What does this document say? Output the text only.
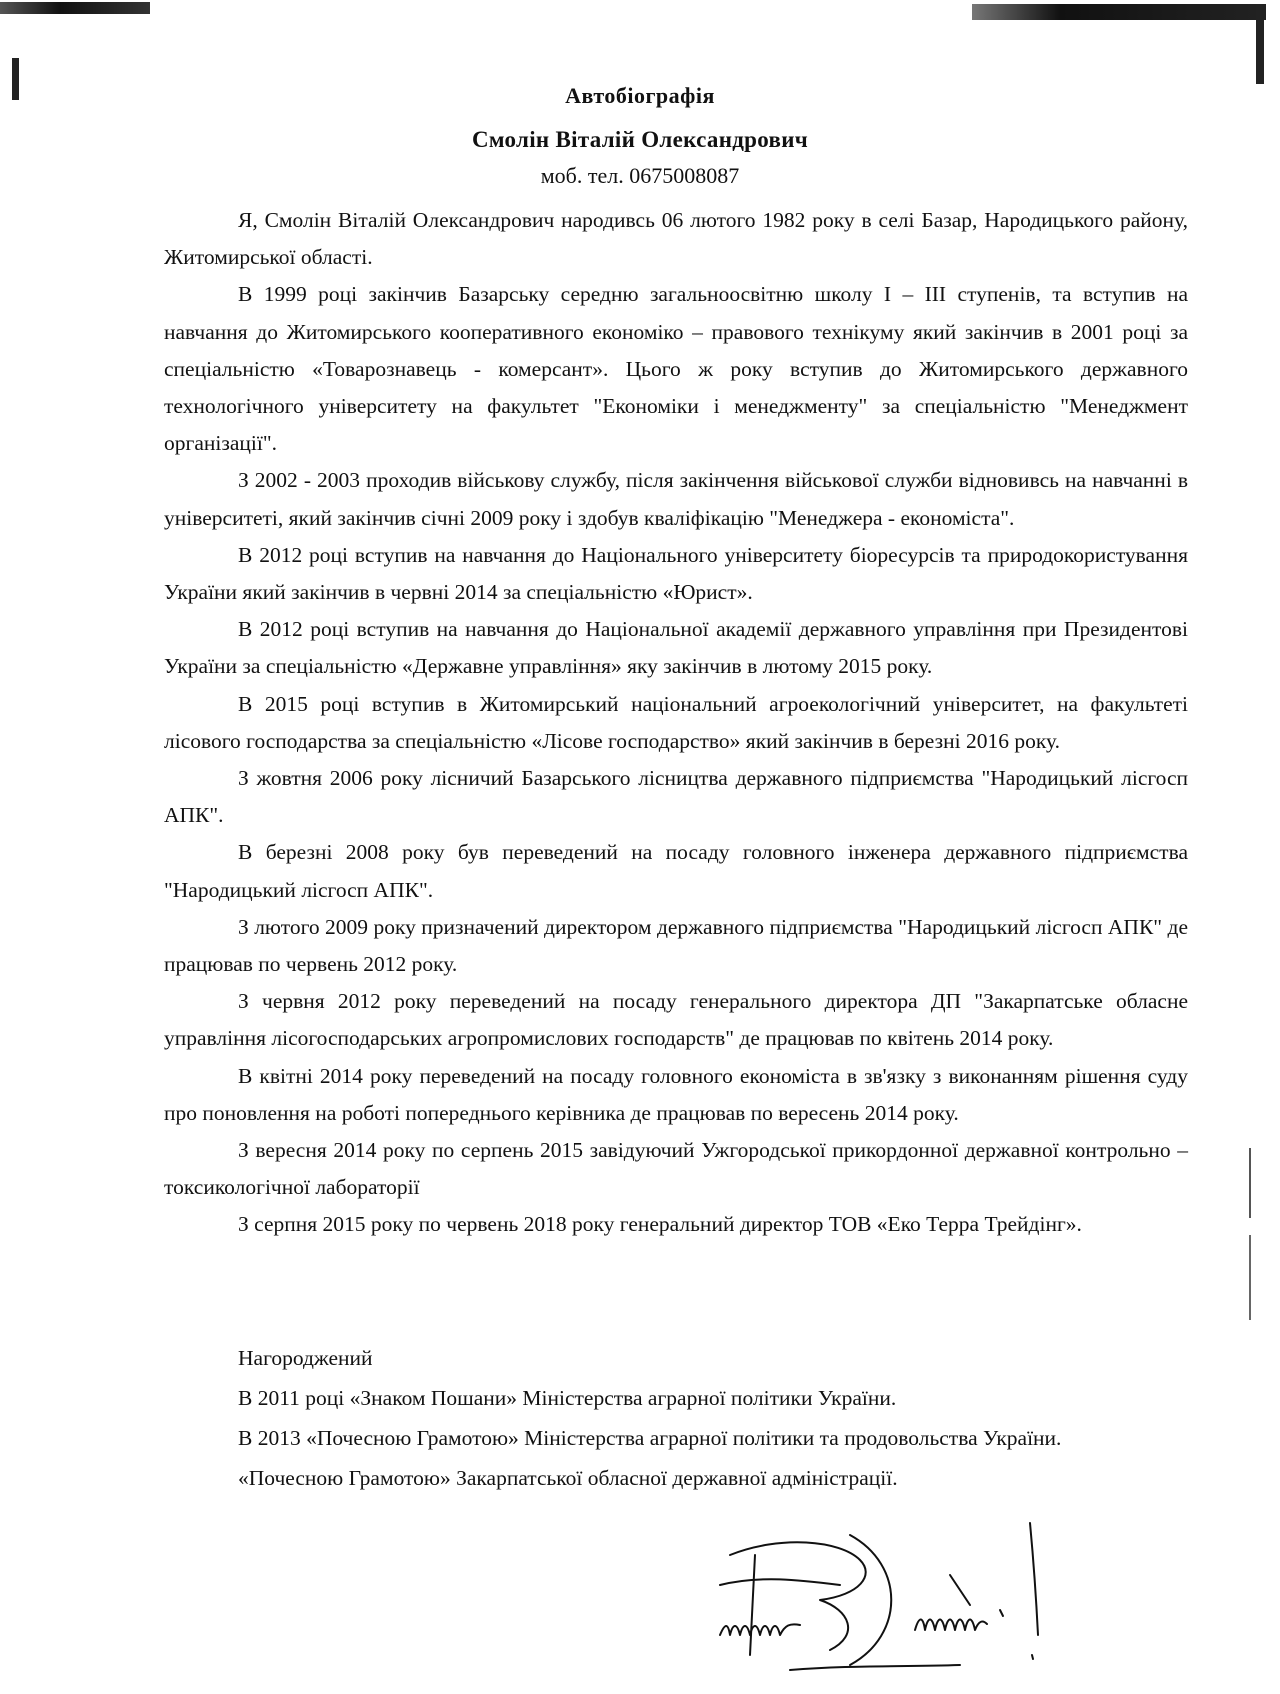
Автобіографія
Смолін Віталій Олександрович
моб. тел. 0675008087

Я, Смолін Віталій Олександрович народивсь 06 лютого 1982 року в селі Базар, Народицького району, Житомирської області.

В 1999 році закінчив Базарську середню загальноосвітню школу І – ІІІ ступенів, та вступив на навчання до Житомирського кооперативного економіко – правового технікуму який закінчив в 2001 році за спеціальністю «Товарознавець - комерсант». Цього ж року вступив до Житомирського державного технологічного університету на факультет "Економіки і менеджменту" за спеціальністю "Менеджмент організації".

З 2002 - 2003 проходив військову службу, після закінчення військової служби відновивсь на навчанні в університеті, який закінчив січні 2009 року і здобув кваліфікацію "Менеджера - економіста".

В 2012 році вступив на навчання до Національного університету біоресурсів та природокористування України який закінчив в червні 2014 за спеціальністю «Юрист».

В 2012 році вступив на навчання до Національної академії державного управління при Президентові України за спеціальністю «Державне управління» яку закінчив в лютому 2015 року.

В 2015 році вступив в Житомирський національний агроекологічний університет, на факультеті лісового господарства за спеціальністю «Лісове господарство» який закінчив в березні 2016 року.

З жовтня 2006 року лісничий Базарського лісництва державного підприємства "Народицький лісгосп АПК".

В березні 2008 року був переведений на посаду головного інженера державного підприємства "Народицький лісгосп АПК".

З лютого 2009 року призначений директором державного підприємства "Народицький лісгосп АПК" де працював по червень 2012 року.

З червня 2012 року переведений на посаду генерального директора ДП "Закарпатське обласне управління лісогосподарських агропромислових господарств" де працював по квітень 2014 року.

В квітні 2014 року переведений на посаду головного економіста в зв'язку з виконанням рішення суду про поновлення на роботі попереднього керівника де працював по вересень 2014 року.

З вересня 2014 року по серпень 2015 завідуючий Ужгородської прикордонної державної контрольно – токсикологічної лабораторії

З серпня 2015 року по червень 2018 року генеральний директор ТОВ «Еко Терра Трейдінг».

Нагороджений
В 2011 році «Знаком Пошани» Міністерства аграрної політики України.
В 2013 «Почесною Грамотою» Міністерства аграрної політики та продовольства України.
«Почесною Грамотою» Закарпатської обласної державної адміністрації.
